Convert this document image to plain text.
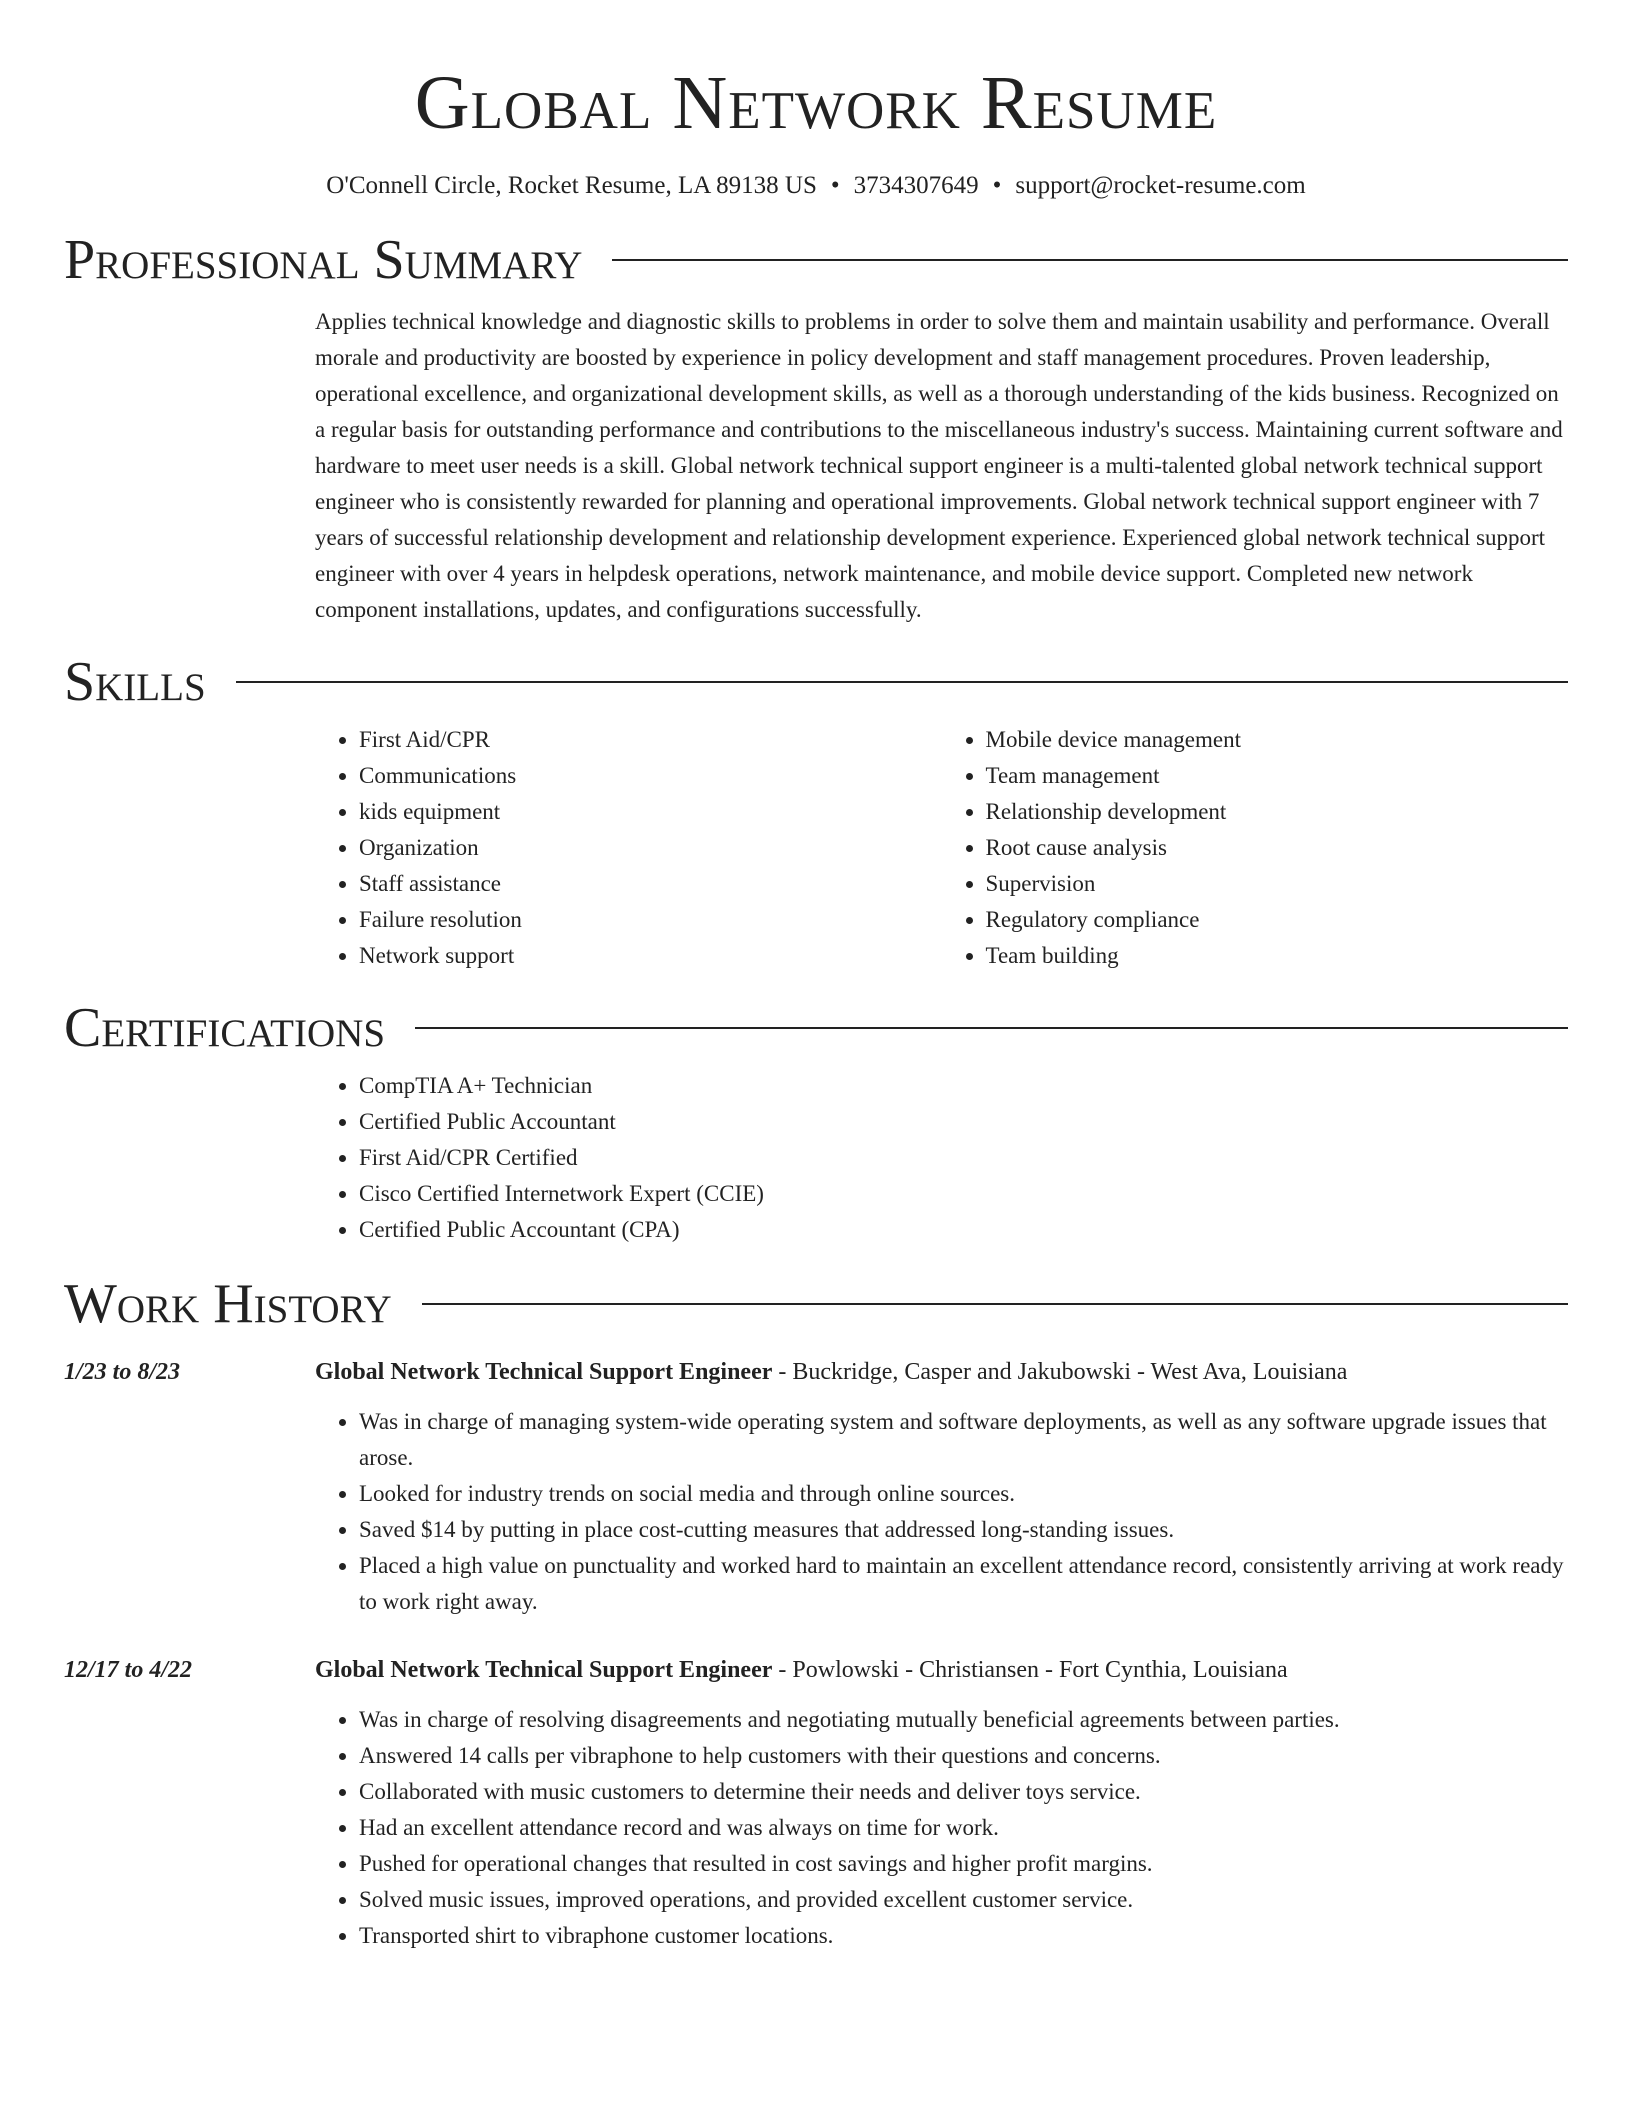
Global Network Resume
O'Connell Circle, Rocket Resume, LA 89138 US • 3734307649 • support@rocket-resume.com
Professional Summary

Applies technical knowledge and diagnostic skills to problems in order to solve them and maintain usability and performance. Overall morale and productivity are boosted by experience in policy development and staff management procedures. Proven leadership, operational excellence, and organizational development skills, as well as a thorough understanding of the kids business. Recognized on a regular basis for outstanding performance and contributions to the miscellaneous industry's success. Maintaining current software and hardware to meet user needs is a skill. Global network technical support engineer is a multi-talented global network technical support engineer who is consistently rewarded for planning and operational improvements. Global network technical support engineer with 7 years of successful relationship development and relationship development experience. Experienced global network technical support engineer with over 4 years in helpdesk operations, network maintenance, and mobile device support. Completed new network component installations, updates, and configurations successfully.

Skills
• First Aid/CPR
• Communications
• kids equipment
• Organization
• Staff assistance
• Failure resolution
• Network support
• Mobile device management
• Team management
• Relationship development
• Root cause analysis
• Supervision
• Regulatory compliance
• Team building
Certifications
• CompTIA A+ Technician
• Certified Public Accountant
• First Aid/CPR Certified
• Cisco Certified Internetwork Expert (CCIE)
• Certified Public Accountant (CPA)
Work History
1/23 to 8/23	Global Network Technical Support Engineer - Buckridge, Casper and Jakubowski - West Ava, Louisiana
• Was in charge of managing system-wide operating system and software deployments, as well as any software upgrade issues that arose.
• Looked for industry trends on social media and through online sources.
• Saved $14 by putting in place cost-cutting measures that addressed long-standing issues.
• Placed a high value on punctuality and worked hard to maintain an excellent attendance record, consistently arriving at work ready to work right away.
12/17 to 4/22	Global Network Technical Support Engineer - Powlowski - Christiansen - Fort Cynthia, Louisiana
• Was in charge of resolving disagreements and negotiating mutually beneficial agreements between parties.
• Answered 14 calls per vibraphone to help customers with their questions and concerns.
• Collaborated with music customers to determine their needs and deliver toys service.
• Had an excellent attendance record and was always on time for work.
• Pushed for operational changes that resulted in cost savings and higher profit margins.
• Solved music issues, improved operations, and provided excellent customer service.
• Transported shirt to vibraphone customer locations.
